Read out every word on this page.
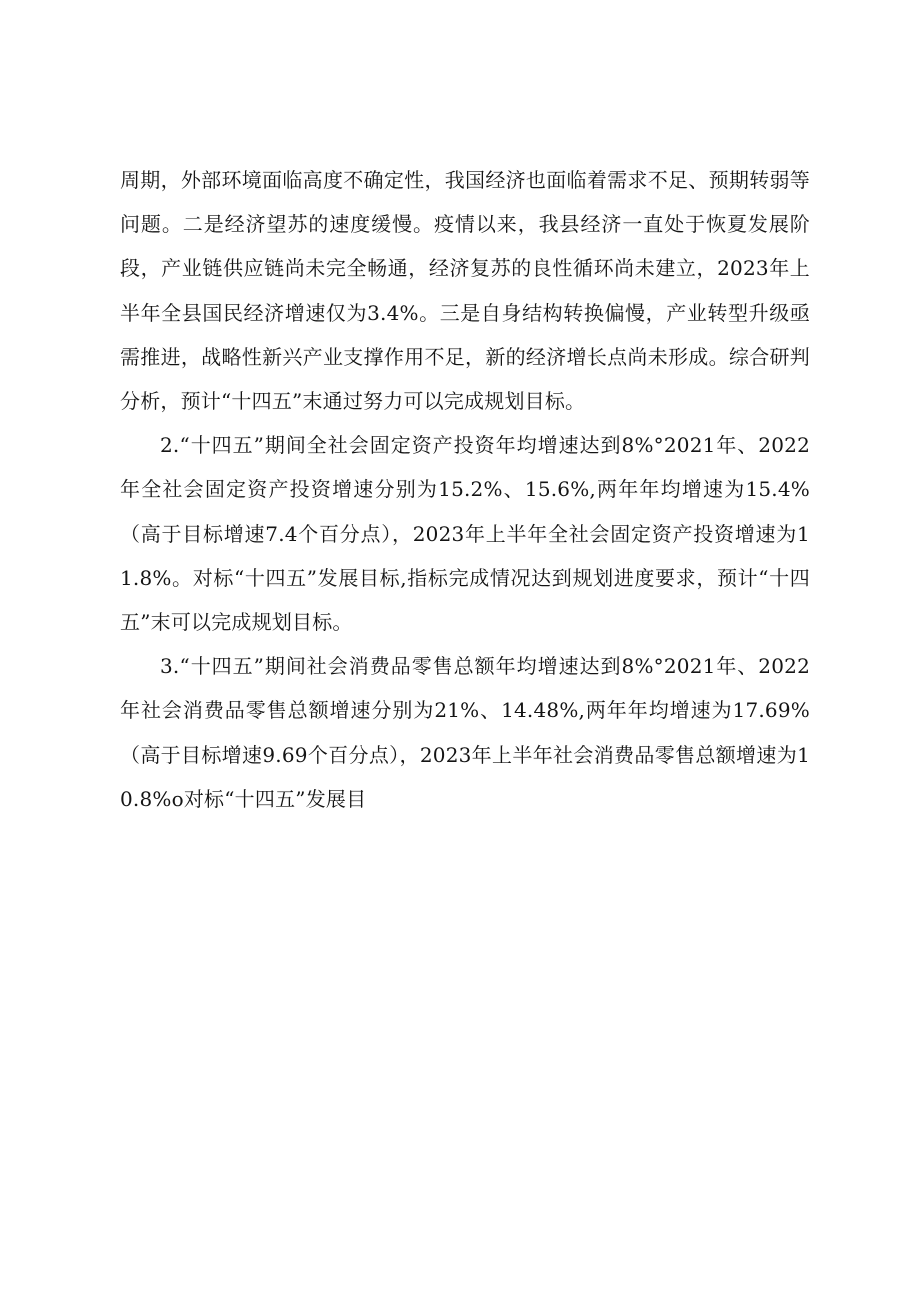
周期，外部环境面临高度不确定性，我国经济也面临着需求不足、预期转弱等问题。二是经济望苏的速度缓慢。疫情以来，我县经济一直处于恢夏发展阶段，产业链供应链尚未完全畅通，经济复苏的良性循环尚未建立，2023年上半年全县国民经济增速仅为3.4%。三是自身结构转换偏慢，产业转型升级亟需推进，战略性新兴产业支撑作用不足，新的经济增长点尚未形成。综合研判分析，预计“十四五”末通过努力可以完成规划目标。

2.“十四五”期间全社会固定资产投资年均增速达到8%°2021年、2022年全社会固定资产投资增速分别为15.2%、15.6%,两年年均增速为15.4%（高于目标增速7.4个百分点），2023年上半年全社会固定资产投资增速为11.8%。对标“十四五”发展目标,指标完成情况达到规划进度要求，预计“十四五”末可以完成规划目标。

3.“十四五”期间社会消费品零售总额年均增速达到8%°2021年、2022年社会消费品零售总额增速分别为21%、14.48%,两年年均增速为17.69%（高于目标增速9.69个百分点），2023年上半年社会消费品零售总额增速为10.8%o对标“十四五”发展目
